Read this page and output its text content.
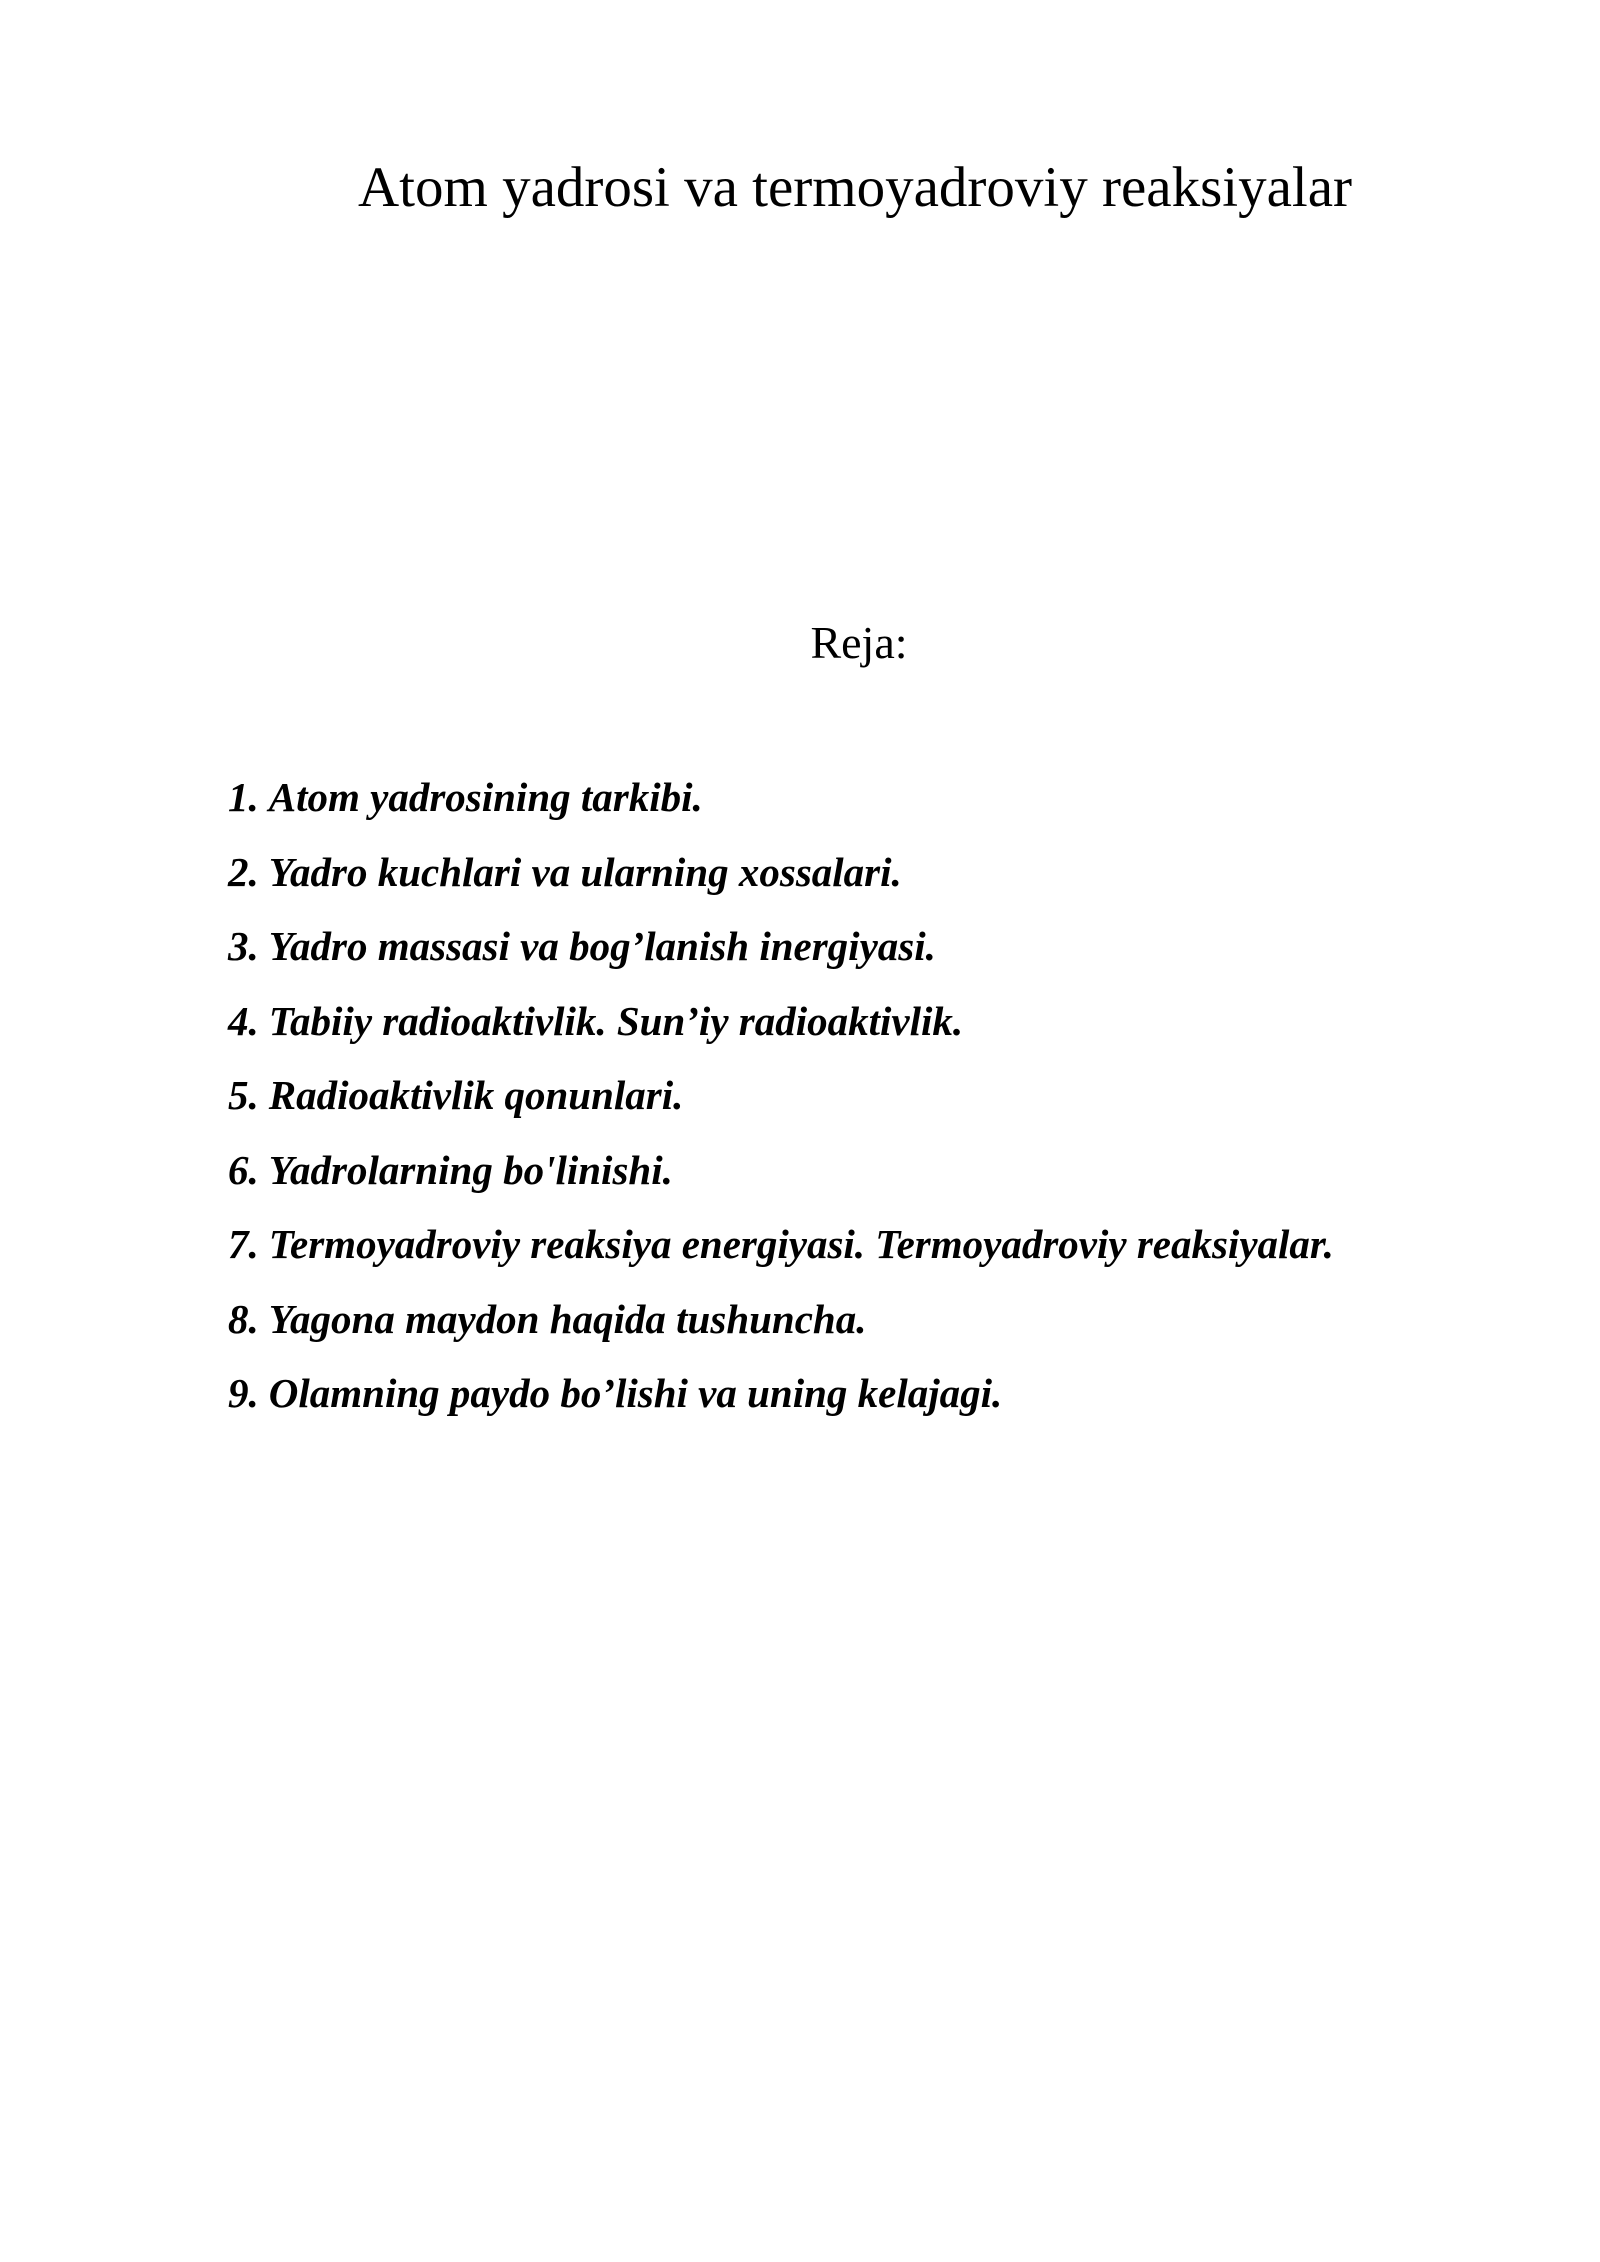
Atom yadrosi va termoyadroviy reaksiyalar
Reja:
1. Atom yadrosining tarkibi.
2. Yadro kuchlari va ularning xossalari.
3. Yadro massasi va bog’lanish inergiyasi.
4. Tabiiy radioaktivlik. Sun’iy radioaktivlik.
5. Radioaktivlik qonunlari.
6. Yadrolarning bo'linishi.
7. Termoyadroviy reaksiya energiyasi. Termoyadroviy reaksiyalar.
8. Yagona maydon haqida tushuncha.
9. Olamning paydo bo’lishi va uning kelajagi.
